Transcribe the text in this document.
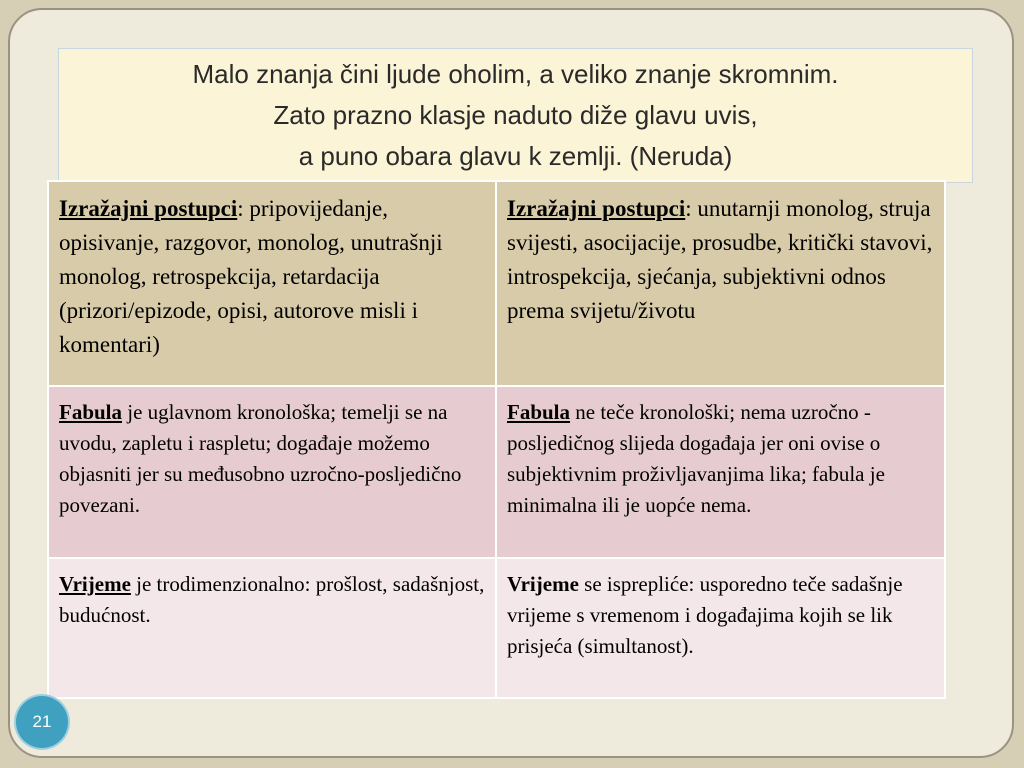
Malo znanja čini ljude oholim, a veliko znanje skromnim.
Zato prazno klasje naduto diže glavu uvis,
a puno obara glavu k zemlji. (Neruda)
Izražajni postupci: pripovijedanje, opisivanje, razgovor, monolog, unutrašnji monolog, retrospekcija, retardacija (prizori/epizode, opisi, autorove misli i komentari)	Izražajni postupci: unutarnji monolog, struja svijesti, asocijacije, prosudbe, kritički stavovi, introspekcija, sjećanja, subjektivni odnos prema svijetu/životu
Fabula je uglavnom kronološka; temelji se na uvodu, zapletu i raspletu; događaje možemo objasniti jer su međusobno uzročno-posljedično povezani.	Fabula ne teče kronološki; nema uzročno - posljedičnog slijeda događaja jer oni ovise o subjektivnim proživljavanjima lika; fabula je minimalna ili je uopće nema.
Vrijeme je trodimenzionalno: prošlost, sadašnjost, budućnost.	Vrijeme se isprepliće: usporedno teče sadašnje vrijeme s vremenom i događajima kojih se lik prisjeća (simultanost).
21
